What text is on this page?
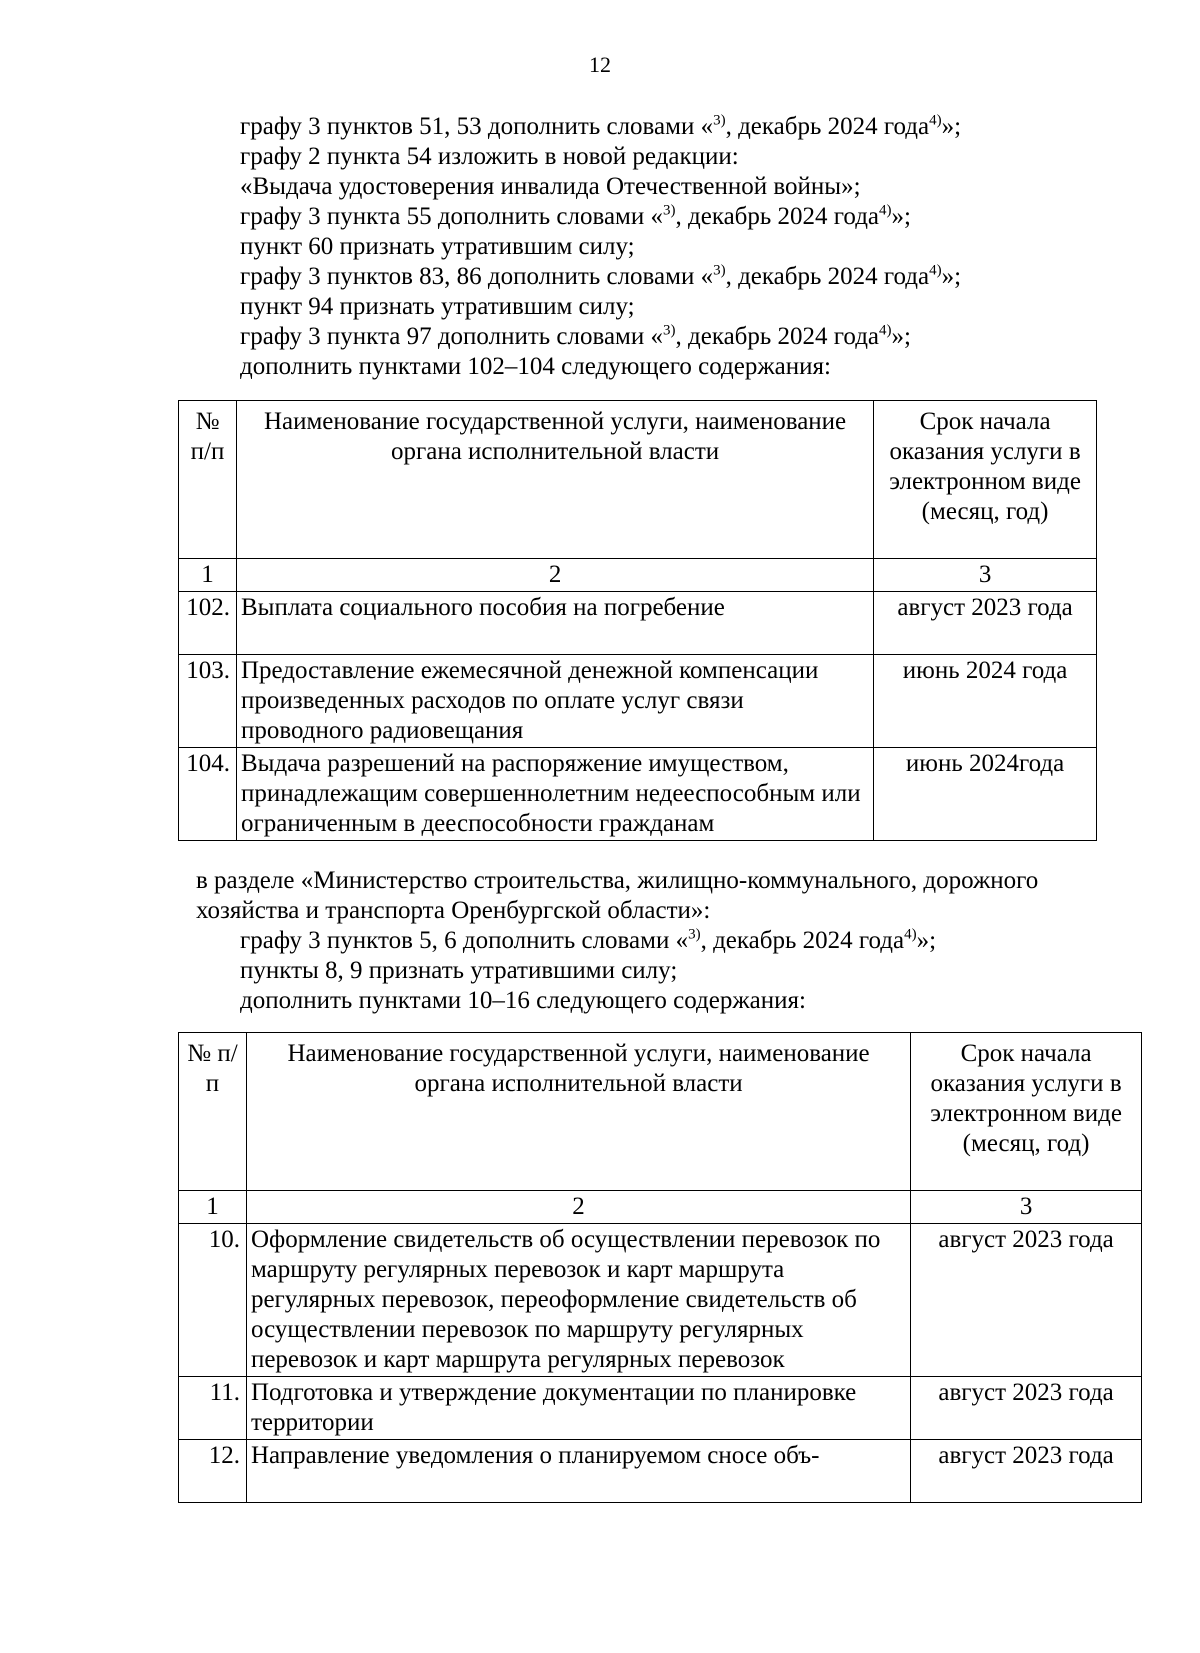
12
графу 3 пунктов 51, 53 дополнить словами «$^{3)}$, декабрь 2024 года$^{4)}$»;
графу 2 пункта 54 изложить в новой редакции:
«Выдача удостоверения инвалида Отечественной войны»;
графу 3 пункта 55 дополнить словами «$^{3)}$, декабрь 2024 года$^{4)}$»;
пункт 60 признать утратившим силу;
графу 3 пунктов 83, 86 дополнить словами «$^{3)}$, декабрь 2024 года$^{4)}$»;
пункт 94 признать утратившим силу;
графу 3 пункта 97 дополнить словами «$^{3)}$, декабрь 2024 года$^{4)}$»;
дополнить пунктами 102–104 следующего содержания:
№ п/п	Наименование государственной услуги, наименование органа исполнительной власти	Срок начала оказания услуги в электронном виде (месяц, год)
1	2	3
102.	Выплата социального пособия на погребение	август 2023 года
103.	Предоставление ежемесячной денежной компенсации произведенных расходов по оплате услуг связи проводного радиовещания	июнь 2024 года
104.	Выдача разрешений на распоряжение имуществом, принадлежащим совершеннолетним недееспособным или ограниченным в дееспособности гражданам	июнь 2024года
в разделе «Министерство строительства, жилищно-коммунального, дорожного хозяйства и транспорта Оренбургской области»:
графу 3 пунктов 5, 6 дополнить словами «$^{3)}$, декабрь 2024 года$^{4)}$»;
пункты 8, 9 признать утратившими силу;
дополнить пунктами 10–16 следующего содержания:
№ п/п	Наименование государственной услуги, наименование органа исполнительной власти	Срок начала оказания услуги в электронном виде (месяц, год)
1	2	3
10.	Оформление свидетельств об осуществлении перевозок по маршруту регулярных перевозок и карт маршрута регулярных перевозок, переоформление свидетельств об осуществлении перевозок по маршруту регулярных перевозок и карт маршрута регулярных перевозок	август 2023 года
11.	Подготовка и утверждение документации по планировке территории	август 2023 года
12.	Направление уведомления о планируемом сносе объ-	август 2023 года
